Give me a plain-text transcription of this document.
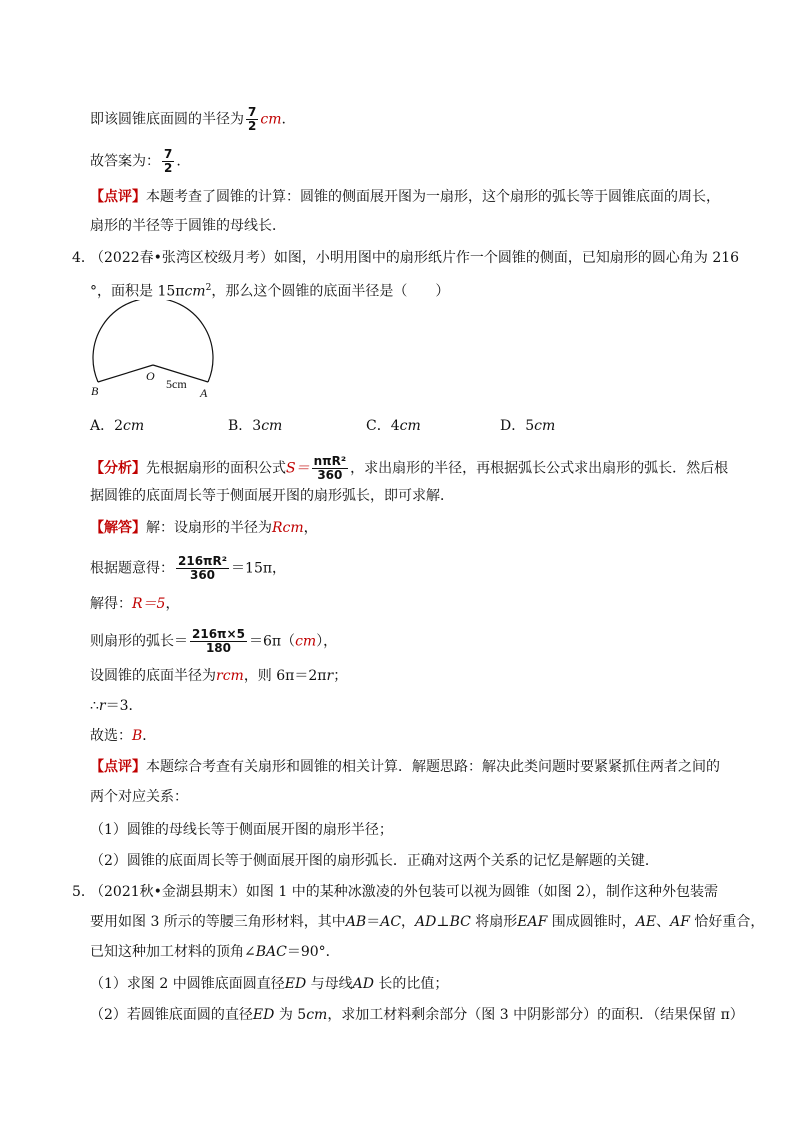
即该圆锥底面圆的半径为 $\frac{7}{2}$ cm.
故答案为： $\frac{7}{2}$ .
【点评】本题考查了圆锥的计算：圆锥的侧面展开图为一扇形，这个扇形的弧长等于圆锥底面的周长，
扇形的半径等于圆锥的母线长．
4．
（2022春•张湾区校级月考）如图，小明用图中的扇形纸片作一个圆锥的侧面，已知扇形的圆心角为 216
°，面积是 15πcm$^2$，那么这个圆锥的底面半径是（　　）
B
O
5cm
A
A．2cm	B．3cm	C．4cm	D．5cm
【分析】先根据扇形的面积公式$S= \frac{\text{nπR²}}{360}$ ，求出扇形的半径，再根据弧长公式求出扇形的弧长．然后根
据圆锥的底面周长等于侧面展开图的扇形弧长，即可求解．
【解答】解：设扇形的半径为Rcm，
根据题意得： $\frac{\text{216πR²}}{360} =15\pi$，
解得：R＝5，
则扇形的弧长＝ $\frac{216\pi\times 5}{180} =6\pi(cm)$，
设圆锥的底面半径为rcm，则 6π＝2πr；
∴r＝3．
故选：B．
【点评】本题综合考查有关扇形和圆锥的相关计算．解题思路：解决此类问题时要紧紧抓住两者之间的
两个对应关系：
（1）圆锥的母线长等于侧面展开图的扇形半径；
（2）圆锥的底面周长等于侧面展开图的扇形弧长．正确对这两个关系的记忆是解题的关键．
5．
（2021秋•金湖县期末）如图 1 中的某种冰激凌的外包装可以视为圆锥（如图 2），制作这种外包装需
要用如图 3 所示的等腰三角形材料，其中AB＝AC，AD⊥BC 将扇形EAF 围成圆锥时，AE、AF 恰好重合，
已知这种加工材料的顶角∠BAC＝90°．
（1）求图 2 中圆锥底面圆直径ED 与母线AD 长的比值；
（2）若圆锥底面圆的直径ED 为 5cm，求加工材料剩余部分（图 3 中阴影部分）的面积．（结果保留 π）
